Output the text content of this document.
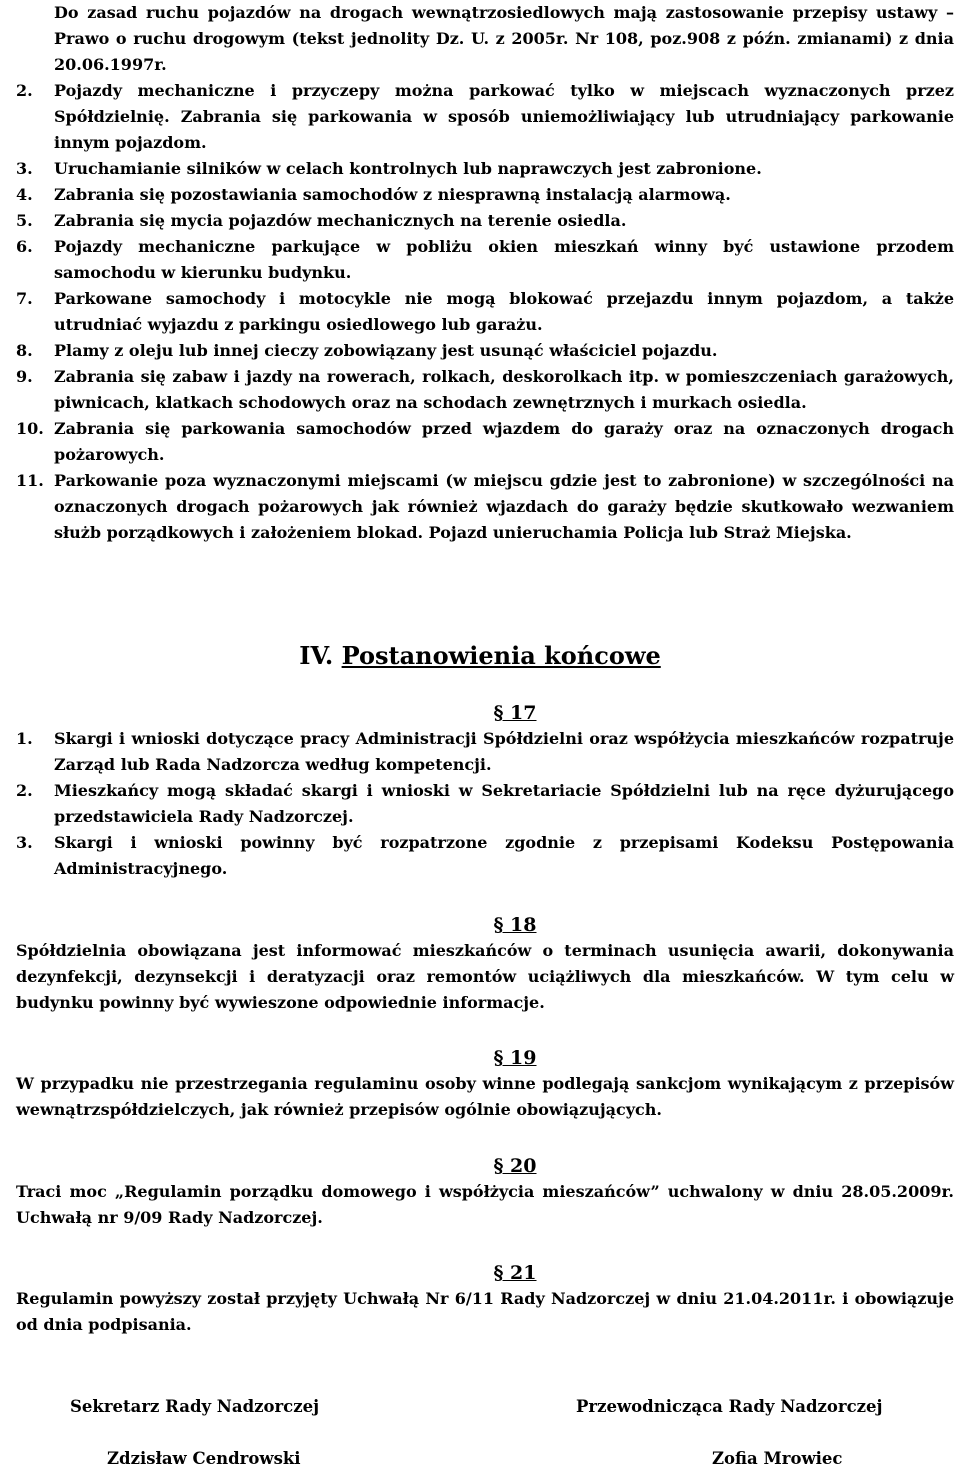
Do zasad ruchu pojazdów na drogach wewnątrzosiedlowych mają zastosowanie przepisy ustawy – Prawo o ruchu drogowym (tekst jednolity Dz. U. z 2005r. Nr 108, poz.908 z późn. zmianami) z dnia 20.06.1997r.
2.	Pojazdy mechaniczne i przyczepy można parkować tylko w miejscach wyznaczonych przez Spółdzielnię. Zabrania się parkowania w sposób uniemożliwiający lub utrudniający parkowanie innym pojazdom.
3.	Uruchamianie silników w celach kontrolnych lub naprawczych jest zabronione.
4.	Zabrania się pozostawiania samochodów z niesprawną instalacją alarmową.
5.	Zabrania się mycia pojazdów mechanicznych na terenie osiedla.
6.	Pojazdy mechaniczne parkujące w pobliżu okien mieszkań winny być ustawione przodem samochodu w kierunku budynku.
7.	Parkowane samochody i motocykle nie mogą blokować przejazdu innym pojazdom, a także utrudniać wyjazdu z parkingu osiedlowego lub garażu.
8.	Plamy z oleju lub innej cieczy zobowiązany jest usunąć właściciel pojazdu.
9.	Zabrania się zabaw i jazdy na rowerach, rolkach, deskorolkach itp. w pomieszczeniach garażowych, piwnicach, klatkach schodowych oraz na schodach zewnętrznych i murkach osiedla.
10. Zabrania się parkowania samochodów przed wjazdem do garaży oraz na oznaczonych drogach pożarowych.
11. Parkowanie poza wyznaczonymi miejscami (w miejscu gdzie jest to zabronione) w szczególności na oznaczonych drogach pożarowych jak również wjazdach do garaży będzie skutkowało wezwaniem służb porządkowych i założeniem blokad. Pojazd unieruchamia Policja lub Straż Miejska.
IV. Postanowienia końcowe
§ 17
1.	Skargi i wnioski dotyczące pracy Administracji Spółdzielni oraz współżycia mieszkańców rozpatruje Zarząd lub Rada Nadzorcza według kompetencji.
2.	Mieszkańcy mogą składać skargi i wnioski w Sekretariacie Spółdzielni lub na ręce dyżurującego przedstawiciela Rady Nadzorczej.
3.	Skargi i wnioski powinny być rozpatrzone zgodnie z przepisami Kodeksu Postępowania Administracyjnego.
§ 18
Spółdzielnia obowiązana jest informować mieszkańców o terminach usunięcia awarii, dokonywania dezynfekcji, dezynsekcji i deratyzacji oraz remontów uciążliwych dla mieszkańców. W tym celu w budynku powinny być wywieszone odpowiednie informacje.
§ 19
W przypadku nie przestrzegania regulaminu osoby winne podlegają sankcjom wynikającym z przepisów wewnątrzspółdzielczych, jak również przepisów ogólnie obowiązujących.
§ 20
Traci moc „Regulamin porządku domowego i współżycia mieszańców” uchwalony w dniu 28.05.2009r. Uchwałą nr 9/09 Rady Nadzorczej.
§ 21
Regulamin powyższy został przyjęty Uchwałą Nr 6/11 Rady Nadzorczej w dniu 21.04.2011r. i obowiązuje od dnia podpisania.
Sekretarz Rady Nadzorczej	Przewodnicząca Rady Nadzorczej
Zdzisław Cendrowski	Zofia Mrowiec
